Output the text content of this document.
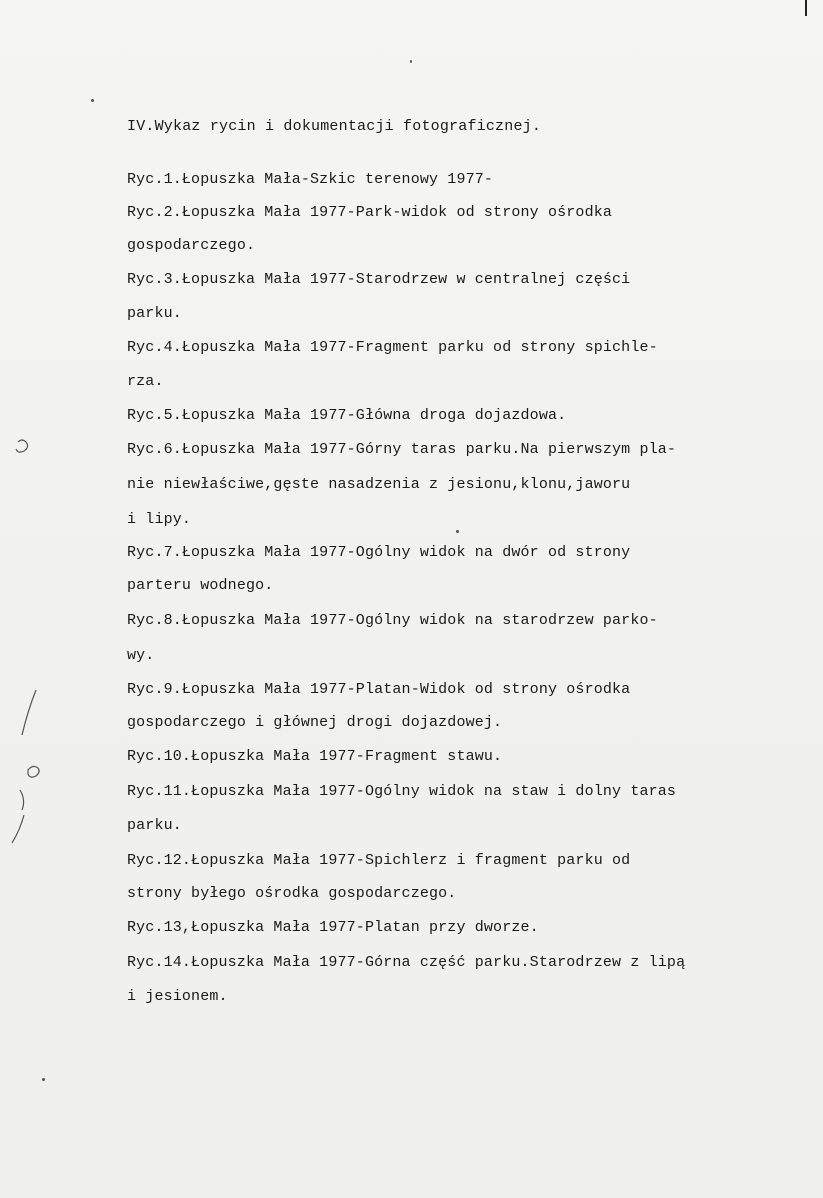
IV.Wykaz rycin i dokumentacji fotograficznej.
Ryc.1.Łopuszka Mała-Szkic terenowy 1977-
Ryc.2.Łopuszka Mała 1977-Park-widok od strony ośrodka
gospodarczego.
Ryc.3.Łopuszka Mała 1977-Starodrzew w centralnej części
parku.
Ryc.4.Łopuszka Mała 1977-Fragment parku od strony spichle-
rza.
Ryc.5.Łopuszka Mała 1977-Główna droga dojazdowa.
Ryc.6.Łopuszka Mała 1977-Górny taras parku.Na pierwszym pla-
nie niewłaściwe,gęste nasadzenia z jesionu,klonu,jaworu
i lipy.
Ryc.7.Łopuszka Mała 1977-Ogólny widok na dwór od strony
parteru wodnego.
Ryc.8.Łopuszka Mała 1977-Ogólny widok na starodrzew parko-
wy.
Ryc.9.Łopuszka Mała 1977-Platan-Widok od strony ośrodka
gospodarczego i głównej drogi dojazdowej.
Ryc.10.Łopuszka Mała 1977-Fragment stawu.
Ryc.11.Łopuszka Mała 1977-Ogólny widok na staw i dolny taras
parku.
Ryc.12.Łopuszka Mała 1977-Spichlerz i fragment parku od
strony byłego ośrodka gospodarczego.
Ryc.13,Łopuszka Mała 1977-Platan przy dworze.
Ryc.14.Łopuszka Mała 1977-Górna część parku.Starodrzew z lipą
i jesionem.
